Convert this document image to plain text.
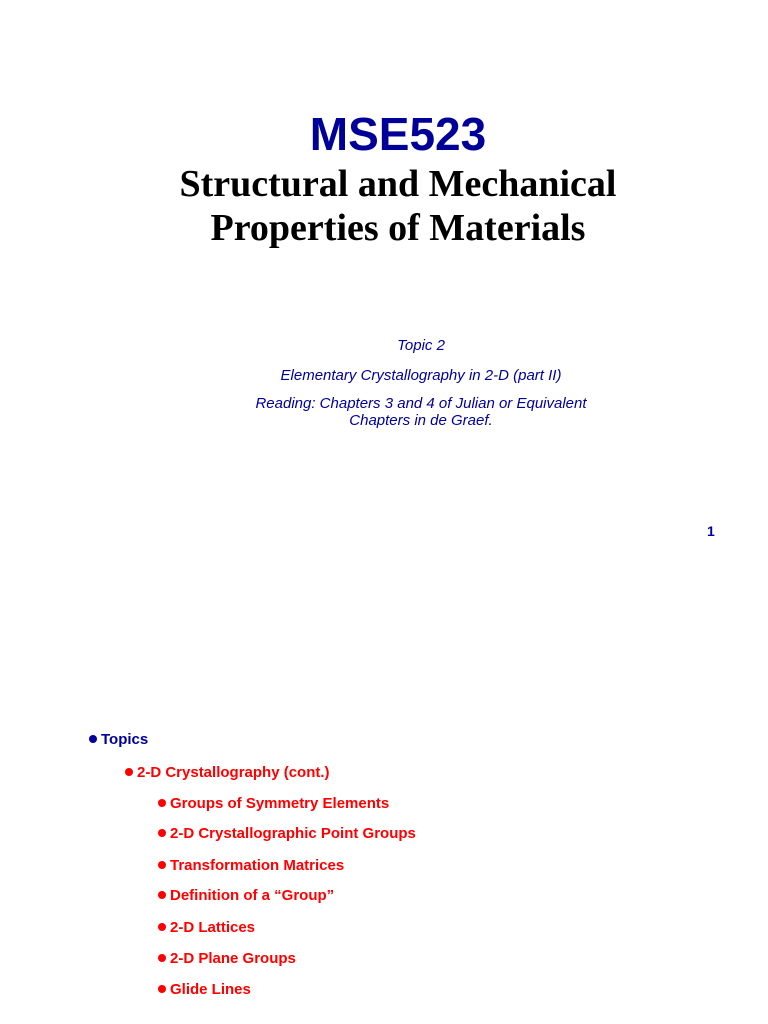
MSE523
Structural and Mechanical
Properties of Materials
Topic 2
Elementary Crystallography in 2-D (part II)
Reading: Chapters 3 and 4 of Julian or Equivalent
Chapters in de Graef.
1
Topics
2-D Crystallography (cont.)
Groups of Symmetry Elements
2-D Crystallographic Point Groups
Transformation Matrices
Definition of a “Group”
2-D Lattices
2-D Plane Groups
Glide Lines
